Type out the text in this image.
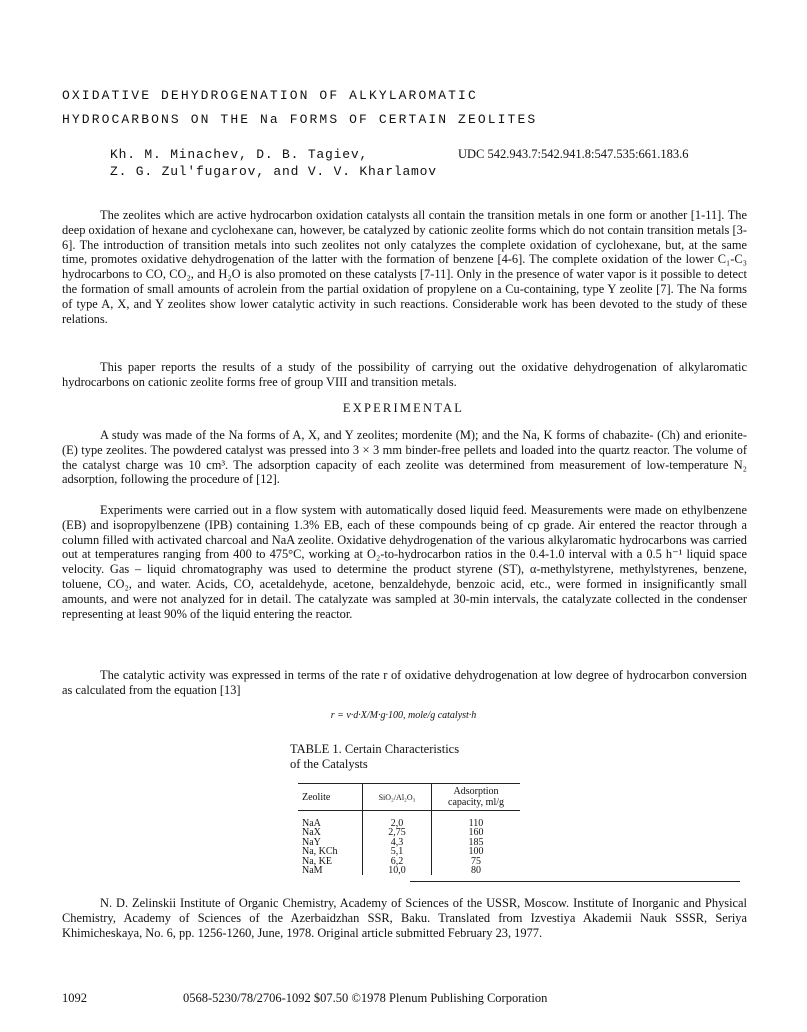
OXIDATIVE DEHYDROGENATION OF ALKYLAROMATIC
HYDROCARBONS ON THE Na FORMS OF CERTAIN ZEOLITES
Kh. M. Minachev, D. B. Tagiev,
Z. G. Zul'fugarov, and V. V. Kharlamov
UDC 542.943.7:542.941.8:547.535:661.183.6

The zeolites which are active hydrocarbon oxidation catalysts all contain the transition metals in one form or another [1-11]. The deep oxidation of hexane and cyclohexane can, however, be catalyzed by cationic zeolite forms which do not contain transition metals [3-6]. The introduction of transition metals into such zeolites not only catalyzes the complete oxidation of cyclohexane, but, at the same time, promotes oxidative dehydrogenation of the latter with the formation of benzene [4-6]. The complete oxidation of the lower C₁-C₃ hydrocarbons to CO, CO₂, and H₂O is also promoted on these catalysts [7-11]. Only in the presence of water vapor is it possible to detect the formation of small amounts of acrolein from the partial oxidation of propylene on a Cu-containing, type Y zeolite [7]. The Na forms of type A, X, and Y zeolites show lower catalytic activity in such reactions. Considerable work has been devoted to the study of these relations.

This paper reports the results of a study of the possibility of carrying out the oxidative dehydrogenation of alkylaromatic hydrocarbons on cationic zeolite forms free of group VIII and transition metals.

EXPERIMENTAL

A study was made of the Na forms of A, X, and Y zeolites; mordenite (M); and the Na, K forms of chabazite- (Ch) and erionite- (E) type zeolites. The powdered catalyst was pressed into 3 × 3 mm binder-free pellets and loaded into the quartz reactor. The volume of the catalyst charge was 10 cm³. The adsorption capacity of each zeolite was determined from measurement of low-temperature N₂ adsorption, following the procedure of [12].

Experiments were carried out in a flow system with automatically dosed liquid feed. Measurements were made on ethylbenzene (EB) and isopropylbenzene (IPB) containing 1.3% EB, each of these compounds being of cp grade. Air entered the reactor through a column filled with activated charcoal and NaA zeolite. Oxidative dehydrogenation of the various alkylaromatic hydrocarbons was carried out at temperatures ranging from 400 to 475°C, working at O₂-to-hydrocarbon ratios in the 0.4-1.0 interval with a 0.5 h⁻¹ liquid space velocity. Gas – liquid chromatography was used to determine the product styrene (ST), α-methylstyrene, methylstyrenes, benzene, toluene, CO₂, and water. Acids, CO, acetaldehyde, acetone, benzaldehyde, benzoic acid, etc., were formed in insignificantly small amounts, and were not analyzed for in detail. The catalyzate was sampled at 30-min intervals, the catalyzate collected in the condenser representing at least 90% of the liquid entering the reactor.

The catalytic activity was expressed in terms of the rate r of oxidative dehydrogenation at low degree of hydrocarbon conversion as calculated from the equation [13]

r = v·d·X/M·g·100, mole/g catalyst·h
TABLE 1. Certain Characteristics
of the Catalysts
Zeolite	SiO₂/Al₂O₃	Adsorption capacity, ml/g
NaA	2,0	110
NaX	2,75	160
NaY	4,3	185
Na, KCh	5,1	100
Na, KE	6,2	75
NaM	10,0	80

N. D. Zelinskii Institute of Organic Chemistry, Academy of Sciences of the USSR, Moscow. Institute of Inorganic and Physical Chemistry, Academy of Sciences of the Azerbaidzhan SSR, Baku. Translated from Izvestiya Akademii Nauk SSSR, Seriya Khimicheskaya, No. 6, pp. 1256-1260, June, 1978. Original article submitted February 23, 1977.

1092	0568-5230/78/2706-1092 $07.50 ©1978 Plenum Publishing Corporation
